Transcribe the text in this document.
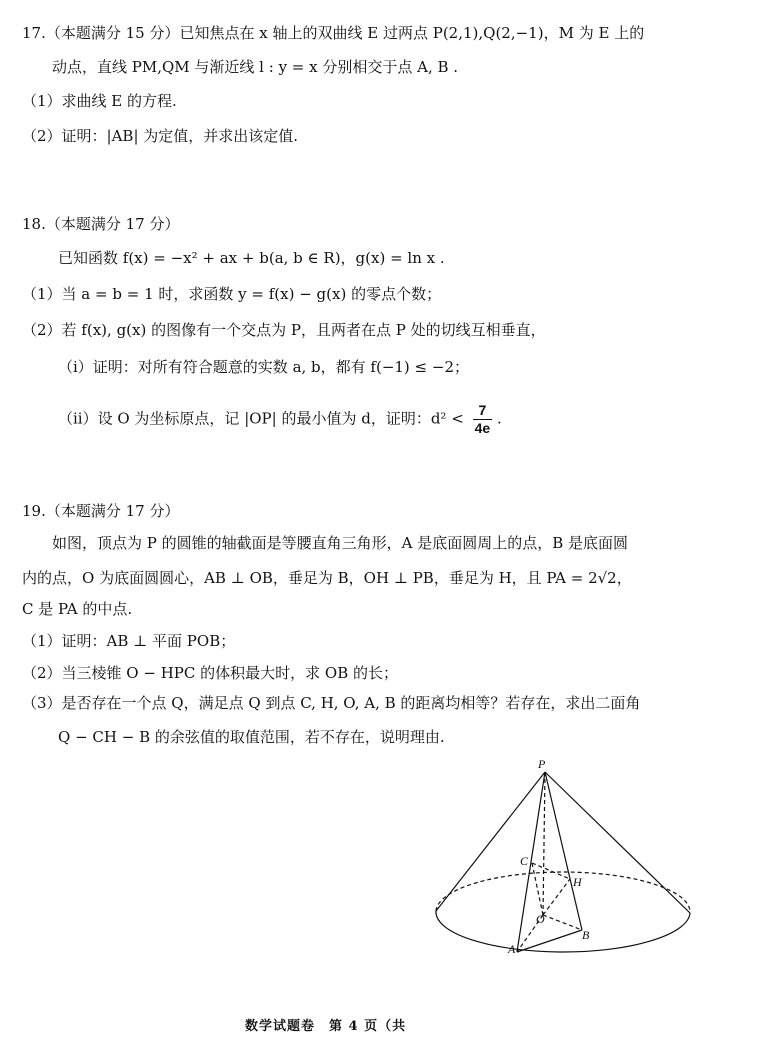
17.（本题满分 15 分）已知焦点在 x 轴上的双曲线 E 过两点 P(2,1),Q(2,−1)，M 为 E 上的
动点，直线 PM,QM 与渐近线 l : y = x 分别相交于点 A, B .
（1）求曲线 E 的方程.
（2）证明：|AB| 为定值，并求出该定值.
18.（本题满分 17 分）
已知函数 f(x) = −x² + ax + b(a, b ∈ R)，g(x) = ln x .
（1）当 a = b = 1 时，求函数 y = f(x) − g(x) 的零点个数；
（2）若 f(x), g(x) 的图像有一个交点为 P，且两者在点 P 处的切线互相垂直，
（i）证明：对所有符合题意的实数 a, b，都有 f(−1) ≤ −2；
（ii）设 O 为坐标原点，记 |OP| 的最小值为 d，证明：$d^2 < \frac{7}{4e}$ .
19.（本题满分 17 分）
如图，顶点为 P 的圆锥的轴截面是等腰直角三角形，A 是底面圆周上的点，B 是底面圆
内的点，O 为底面圆圆心，AB ⊥ OB，垂足为 B，OH ⊥ PB，垂足为 H，且 PA = 2√2，
C 是 PA 的中点.
（1）证明：AB ⊥ 平面 POB；
（2）当三棱锥 O − HPC 的体积最大时，求 OB 的长；
（3）是否存在一个点 Q，满足点 Q 到点 C, H, O, A, B 的距离均相等？若存在，求出二面角
Q − CH − B 的余弦值的取值范围，若不存在，说明理由.
P
C
H
O
B
A
数学试题卷　第 4 页（共
